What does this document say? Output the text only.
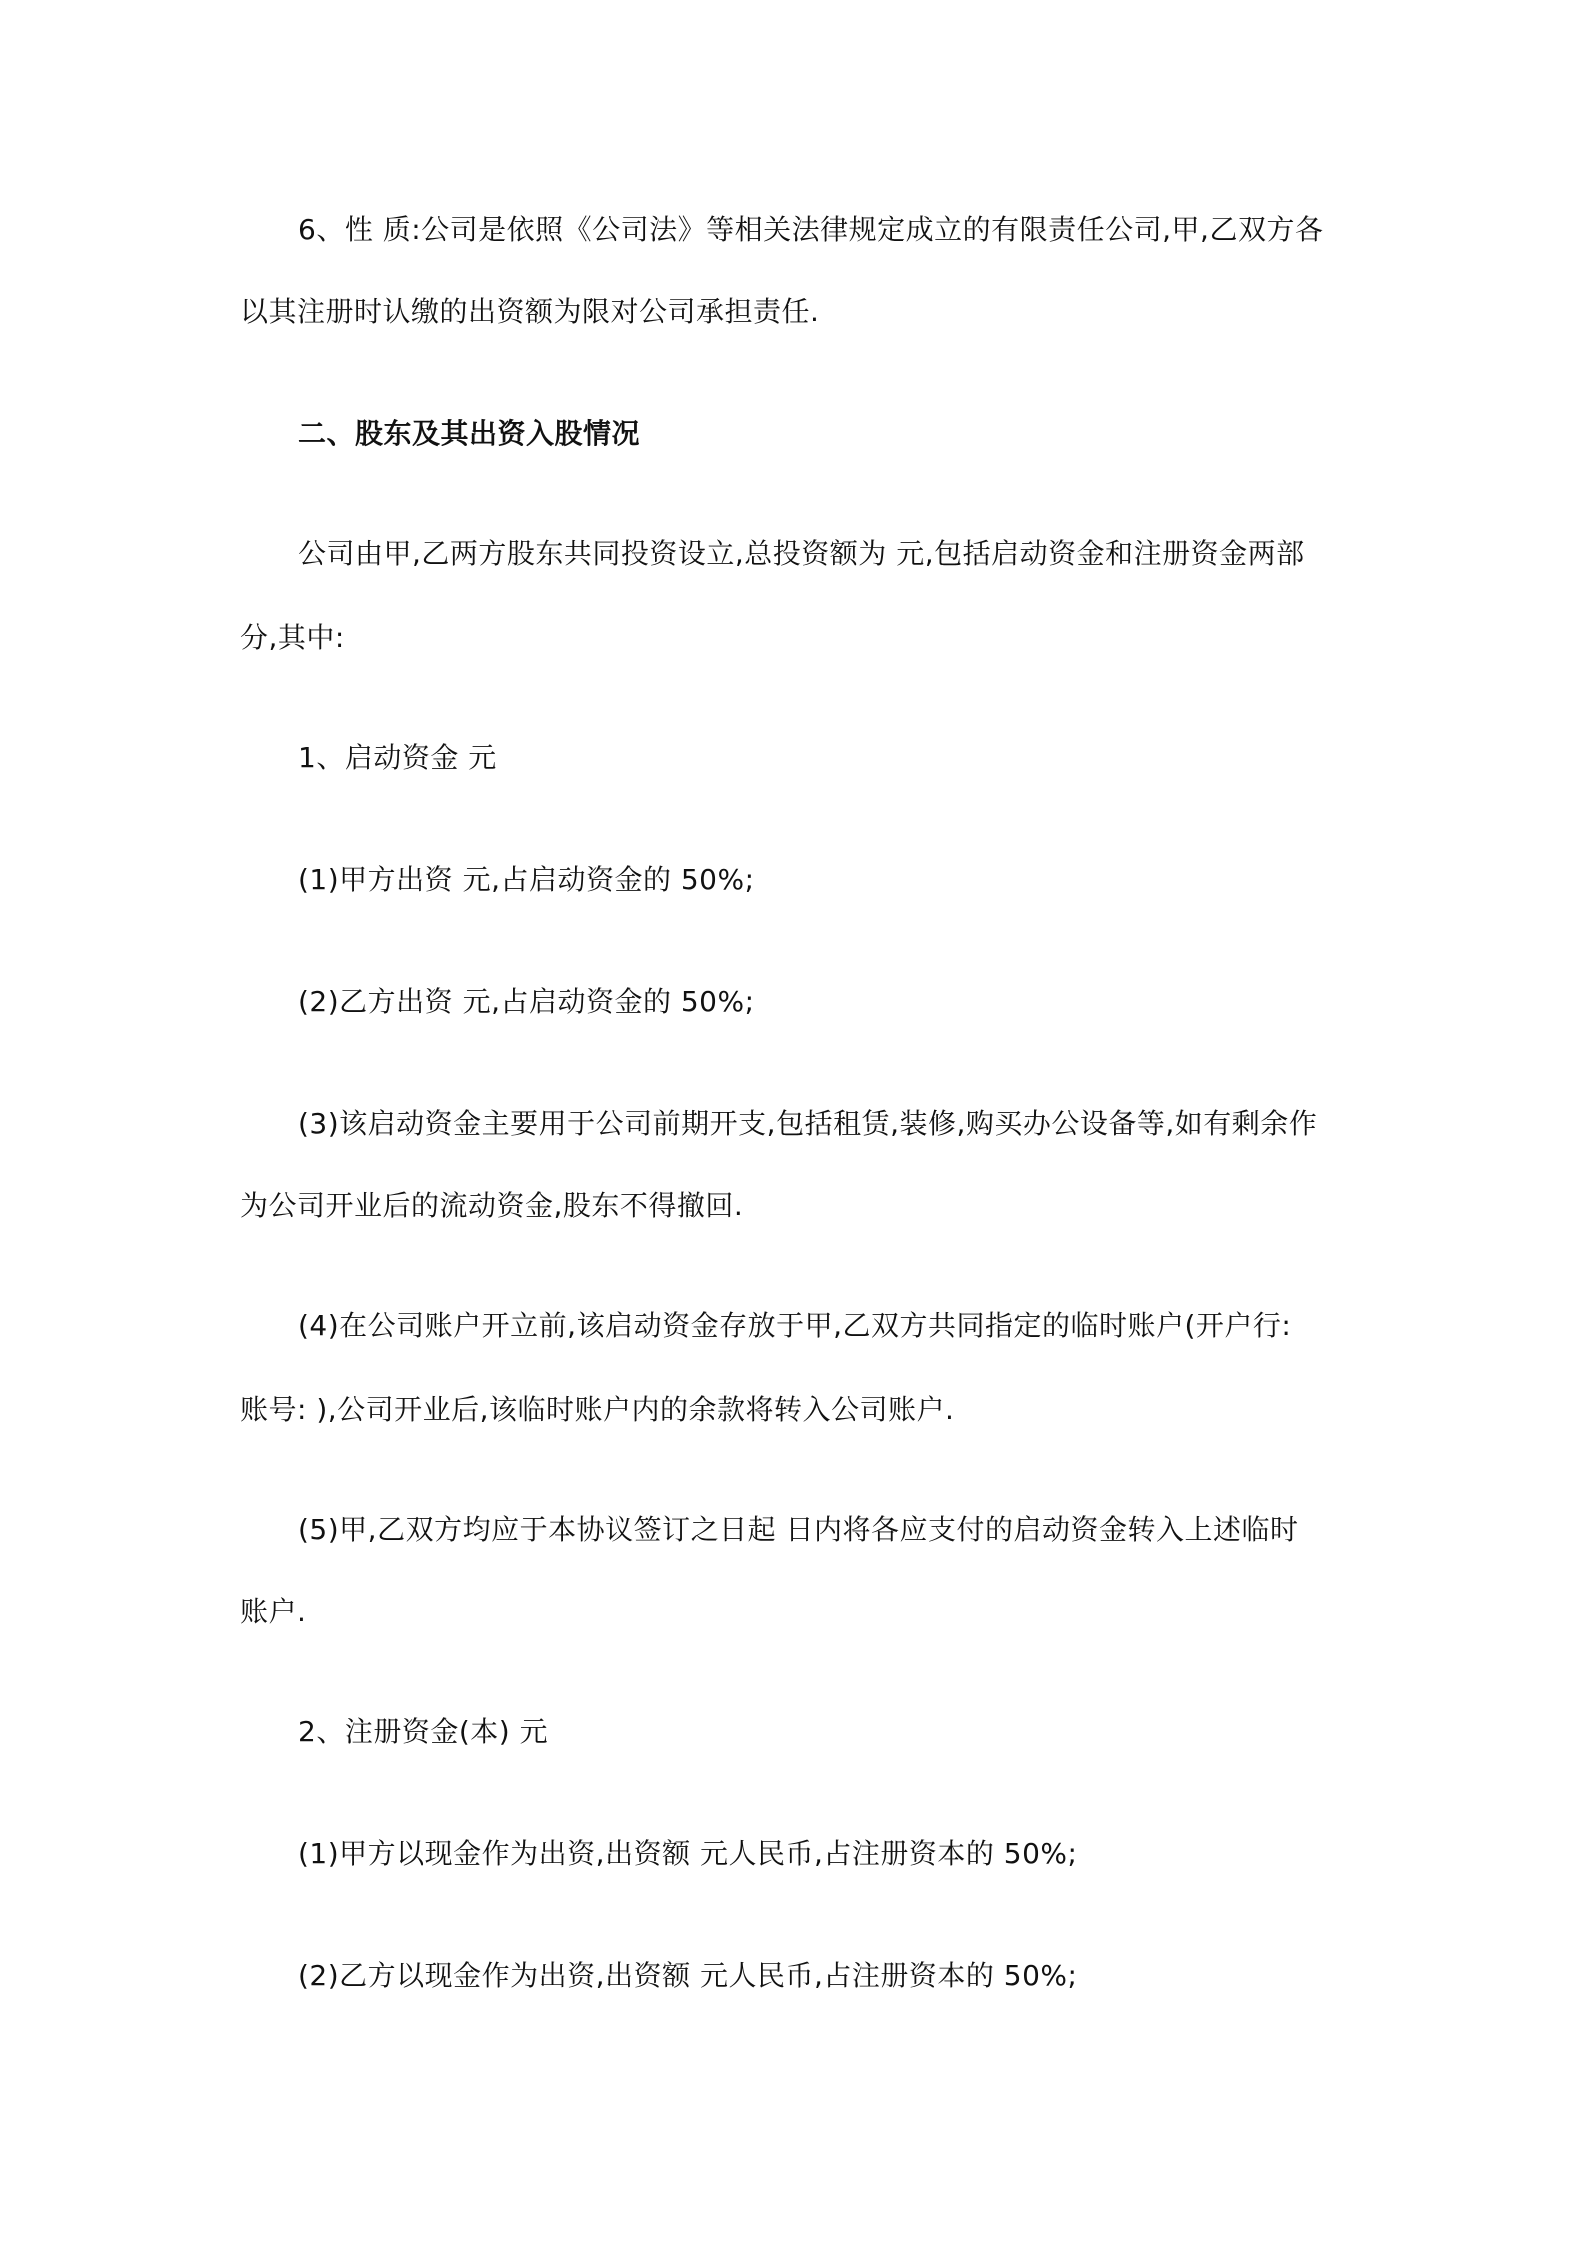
6、性 质:公司是依照《公司法》等相关法律规定成立的有限责任公司,甲,乙双方各
以其注册时认缴的出资额为限对公司承担责任.
二、股东及其出资入股情况
公司由甲,乙两方股东共同投资设立,总投资额为 元,包括启动资金和注册资金两部
分,其中:
1、启动资金 元
(1)甲方出资 元,占启动资金的 50%;
(2)乙方出资 元,占启动资金的 50%;
(3)该启动资金主要用于公司前期开支,包括租赁,装修,购买办公设备等,如有剩余作
为公司开业后的流动资金,股东不得撤回.
(4)在公司账户开立前,该启动资金存放于甲,乙双方共同指定的临时账户(开户行:
账号: ),公司开业后,该临时账户内的余款将转入公司账户.
(5)甲,乙双方均应于本协议签订之日起 日内将各应支付的启动资金转入上述临时
账户.
2、注册资金(本) 元
(1)甲方以现金作为出资,出资额 元人民币,占注册资本的 50%;
(2)乙方以现金作为出资,出资额 元人民币,占注册资本的 50%;
